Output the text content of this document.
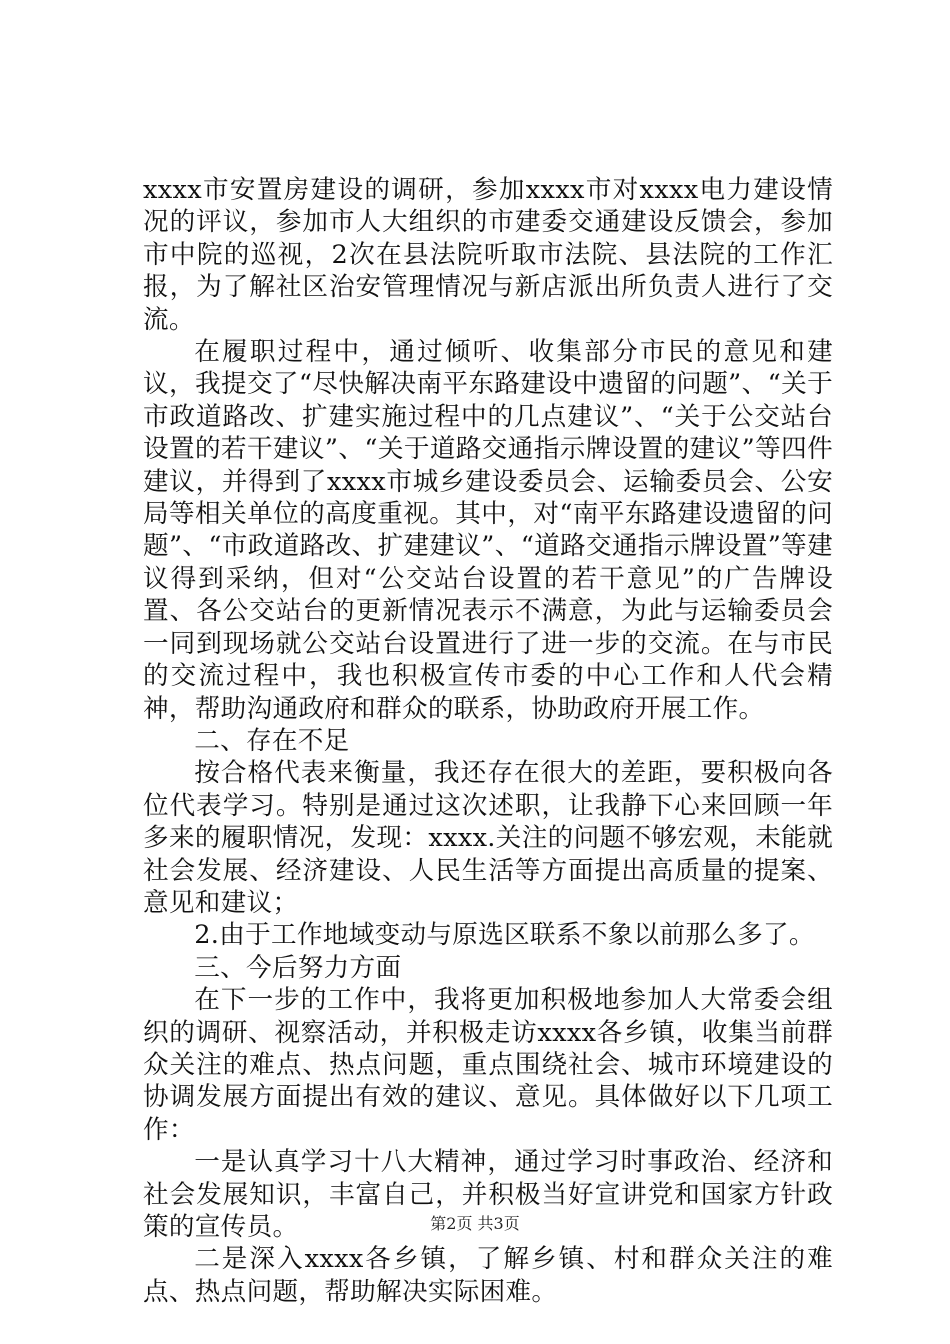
xxxx市安置房建设的调研，参加xxxx市对xxxx电力建设情况的评议，参加市人大组织的市建委交通建设反馈会，参加市中院的巡视，2次在县法院听取市法院、县法院的工作汇报，为了解社区治安管理情况与新店派出所负责人进行了交流。

在履职过程中，通过倾听、收集部分市民的意见和建议，我提交了“尽快解决南平东路建设中遗留的问题”、“关于市政道路改、扩建实施过程中的几点建议”、“关于公交站台设置的若干建议”、“关于道路交通指示牌设置的建议”等四件建议，并得到了xxxx市城乡建设委员会、运输委员会、公安局等相关单位的高度重视。其中，对“南平东路建设遗留的问题”、“市政道路改、扩建建议”、“道路交通指示牌设置”等建议得到采纳，但对“公交站台设置的若干意见”的广告牌设置、各公交站台的更新情况表示不满意，为此与运输委员会一同到现场就公交站台设置进行了进一步的交流。在与市民的交流过程中，我也积极宣传市委的中心工作和人代会精神，帮助沟通政府和群众的联系，协助政府开展工作。

二、存在不足

按合格代表来衡量，我还存在很大的差距，要积极向各位代表学习。特别是通过这次述职，让我静下心来回顾一年多来的履职情况，发现：xxxx.关注的问题不够宏观，未能就社会发展、经济建设、人民生活等方面提出高质量的提案、意见和建议；

2.由于工作地域变动与原选区联系不象以前那么多了。

三、今后努力方面

在下一步的工作中，我将更加积极地参加人大常委会组织的调研、视察活动，并积极走访xxxx各乡镇，收集当前群众关注的难点、热点问题，重点围绕社会、城市环境建设的协调发展方面提出有效的建议、意见。具体做好以下几项工作：

一是认真学习十八大精神，通过学习时事政治、经济和社会发展知识，丰富自己，并积极当好宣讲党和国家方针政策的宣传员。

二是深入xxxx各乡镇，了解乡镇、村和群众关注的难点、热点问题，帮助解决实际困难。

第2页 共3页
